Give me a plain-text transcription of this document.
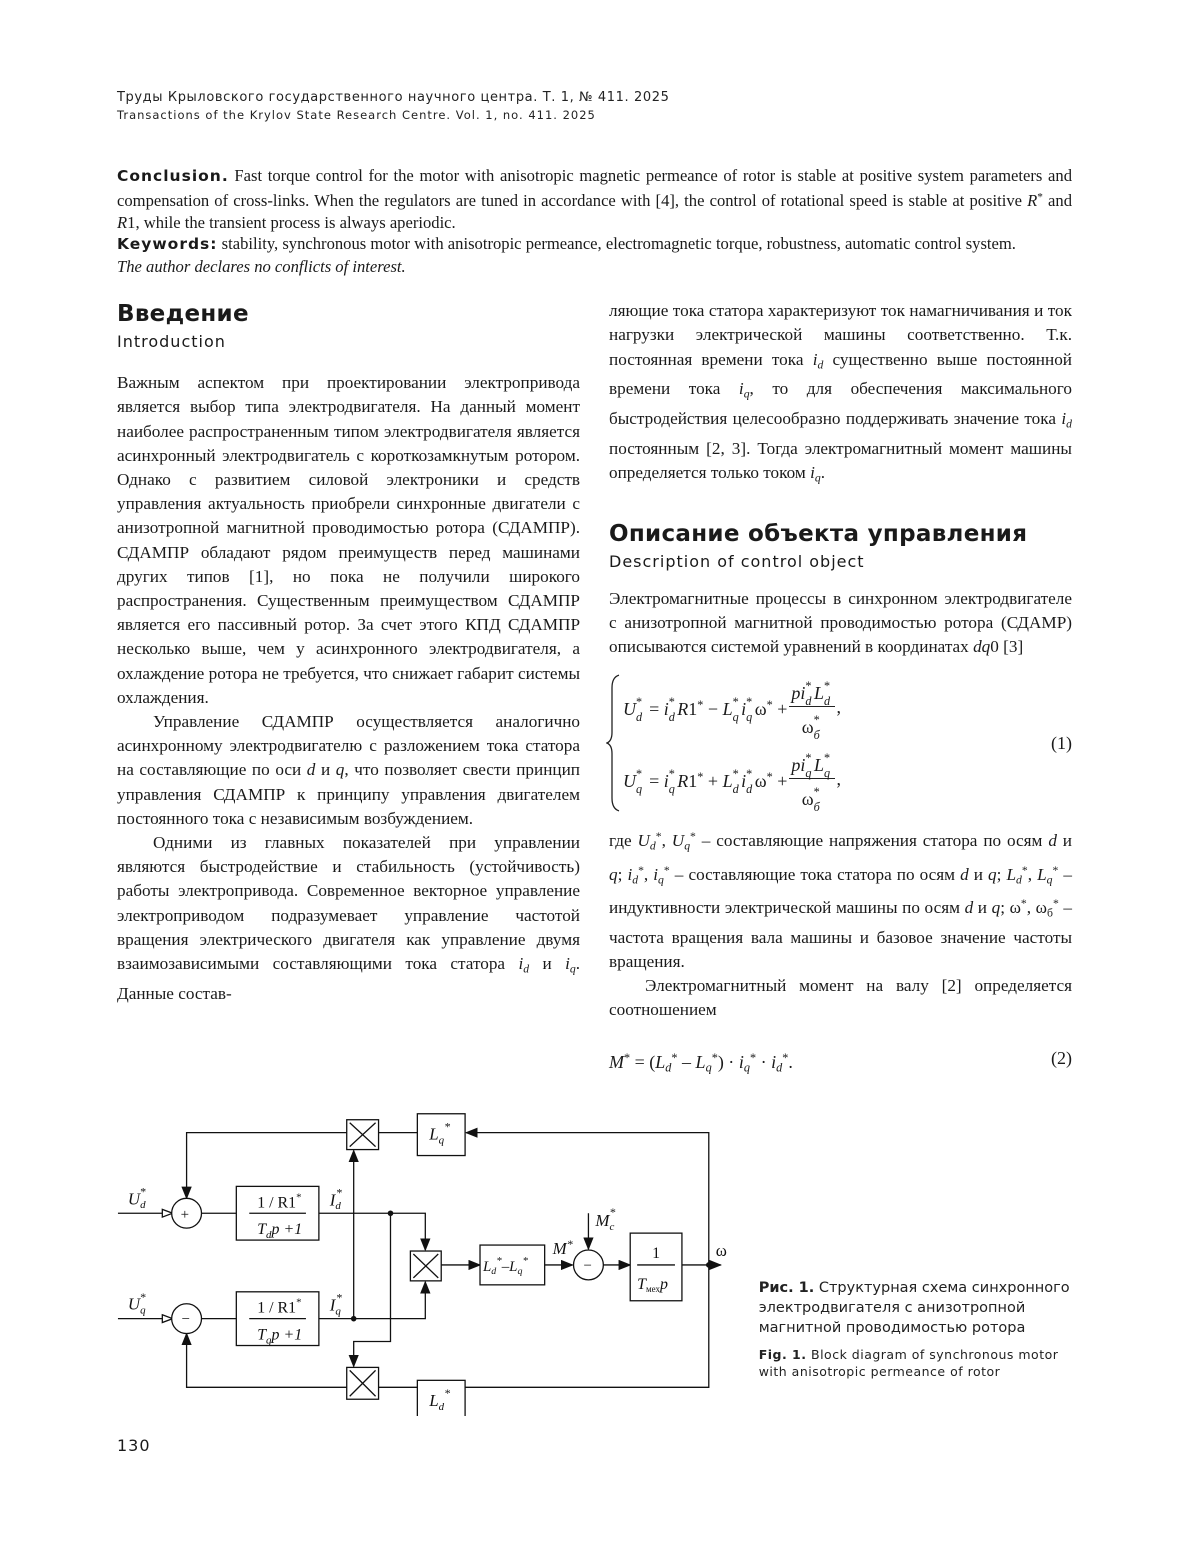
Труды Крыловского государственного научного центра. Т. 1, № 411. 2025
Transactions of the Krylov State Research Centre. Vol. 1, no. 411. 2025
Conclusion. Fast torque control for the motor with anisotropic magnetic permeance of rotor is stable at positive system parameters and compensation of cross-links. When the regulators are tuned in accordance with [4], the control of rotational speed is stable at positive R* and R1, while the transient process is always aperiodic.
Keywords: stability, synchronous motor with anisotropic permeance, electromagnetic torque, robustness, automatic control system.
The author declares no conflicts of interest.
Введение
Introduction

Важным аспектом при проектировании электропривода является выбор типа электродвигателя. На данный момент наиболее распространенным типом электродвигателя является асинхронный электродвигатель с короткозамкнутым ротором. Однако с развитием силовой электроники и средств управления актуальность приобрели синхронные двигатели с анизотропной магнитной проводимостью ротора (СДАМПР). СДАМПР обладают рядом преимуществ перед машинами других типов [1], но пока не получили широкого распространения. Существенным преимуществом СДАМПР является его пассивный ротор. За счет этого КПД СДАМПР несколько выше, чем у асинхронного электродвигателя, а охлаждение ротора не требуется, что снижает габарит системы охлаждения.

Управление СДАМПР осуществляется аналогично асинхронному электродвигателю с разложением тока статора на составляющие по оси d и q, что позволяет свести принцип управления СДАМПР к принципу управления двигателем постоянного тока с независимым возбуждением.

Одними из главных показателей при управлении являются быстродействие и стабильность (устойчивость) работы электропривода. Современное векторное управление электроприводом подразумевает управление частотой вращения электрического двигателя как управление двумя взаимозависимыми составляющими тока статора id и iq. Данные состав-

ляющие тока статора характеризуют ток намагничивания и ток нагрузки электрической машины соответственно. Т.к. постоянная времени тока id существенно выше постоянной времени тока iq, то для обеспечения максимального быстродействия целесообразно поддерживать значение тока id постоянным [2, 3]. Тогда электромагнитный момент машины определяется только током iq.

Описание объекта управления
Description of control object

Электромагнитные процессы в синхронном электродвигателе с анизотропной магнитной проводимостью ротора (СДАМР) описываются системой уравнений в координатах dq0 [3]

U *
d = i *
d R1* − L *
q i *
q ω* +
pi *
d L *
d
ω *
б
,
U *
q = i *
q R1* + L *
d i *
d ω* +
pi *
q L *
q
ω *
б
,
(1)

где Ud*, Uq* – составляющие напряжения статора по осям d и q; id*, iq* – составляющие тока статора по осям d и q; Ld*, Lq* – индуктивности электрической машины по осям d и q; ω*, ωб* – частота вращения вала машины и базовое значение частоты вращения.

Электромагнитный момент на валу [2] определяется соотношением

M* = (Ld* – Lq*) · iq* · id*.	(2)
Ud*
Uq*
+
−
−
1 / R1*
Tdp +1
1 / R1*
Tqp +1
Id*
Iq*
Lq*
Ld*
Ld*–Lq*
M*
Mc*
1
Tмехp
ω
Рис. 1. Структурная схема синхронного электродвигателя с анизотропной магнитной проводимостью ротора
Fig. 1. Block diagram of synchronous motor with anisotropic permeance of rotor
130
